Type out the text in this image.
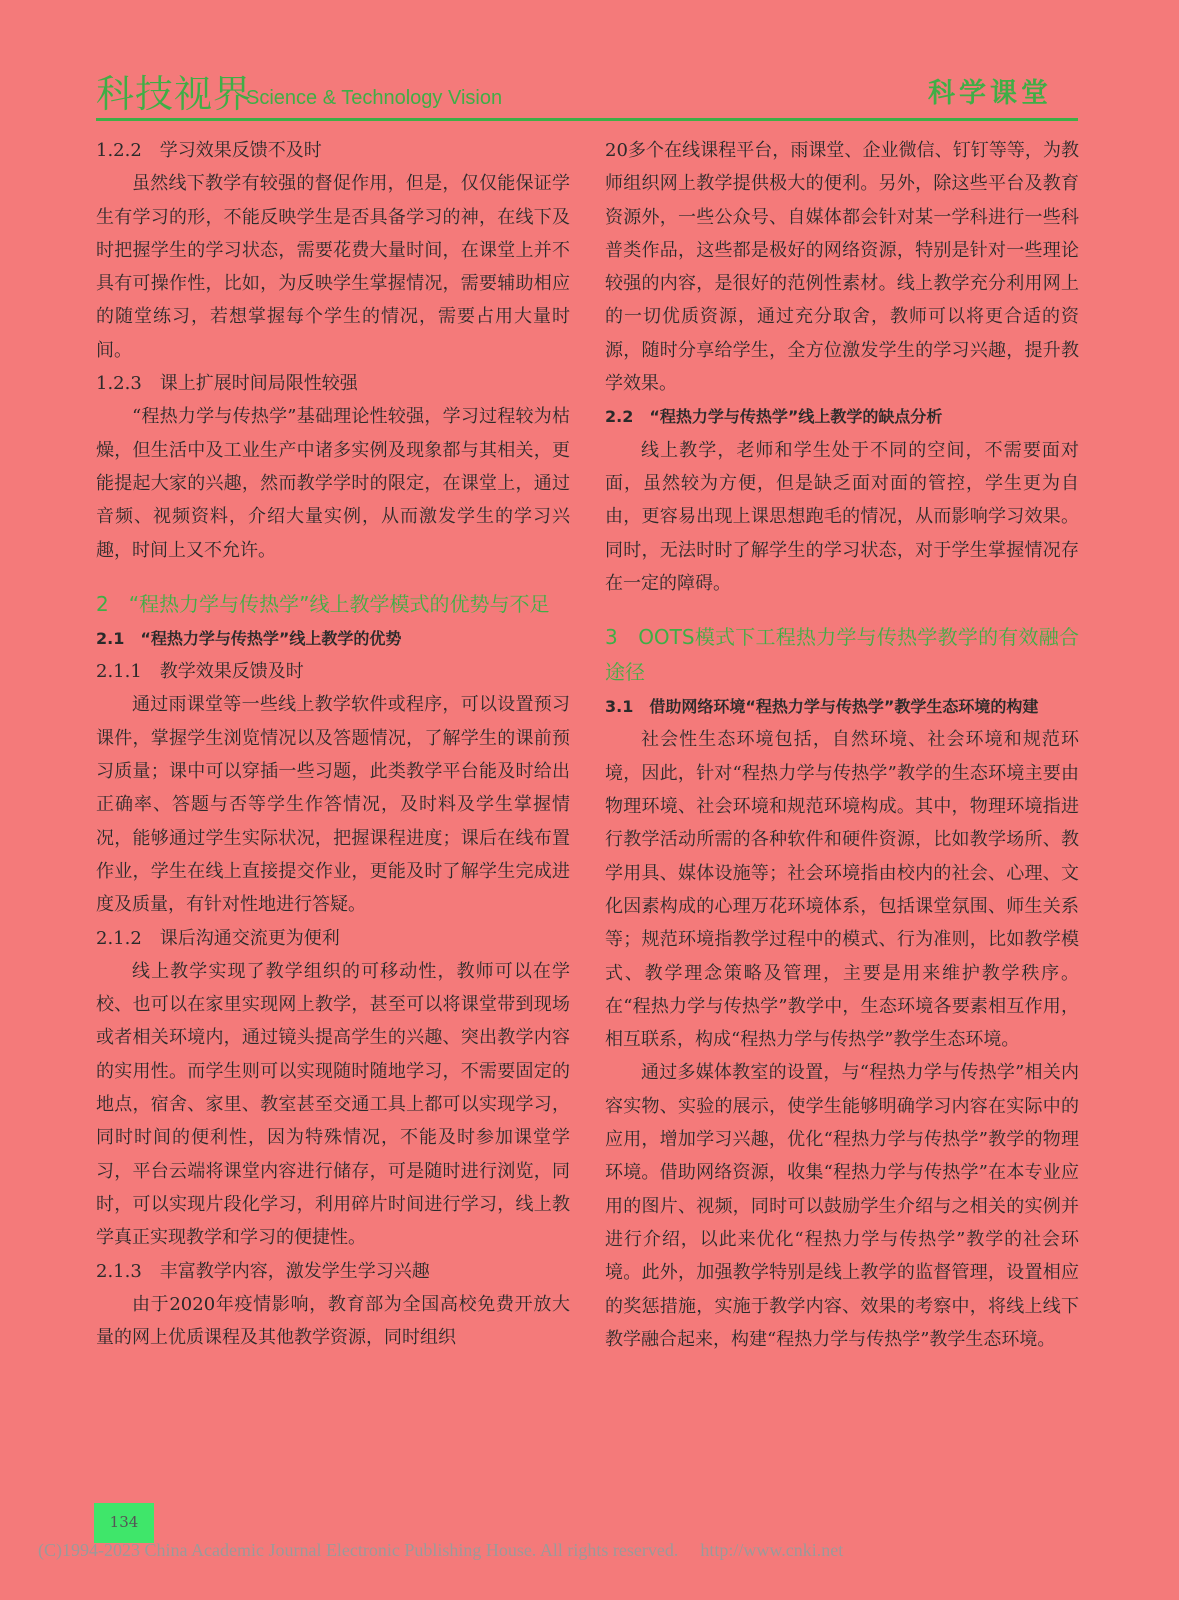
科技视界
Science & Technology Vision	科学课堂
1.2.2　学习效果反馈不及时
虽然线下教学有较强的督促作用，但是，仅仅能保证学生有学习的形，不能反映学生是否具备学习的神，在线下及时把握学生的学习状态，需要花费大量时间，在课堂上并不具有可操作性，比如，为反映学生掌握情况，需要辅助相应的随堂练习，若想掌握每个学生的情况，需要占用大量时间。
1.2.3　课上扩展时间局限性较强
“程热力学与传热学”基础理论性较强，学习过程较为枯燥，但生活中及工业生产中诸多实例及现象都与其相关，更能提起大家的兴趣，然而教学学时的限定，在课堂上，通过音频、视频资料，介绍大量实例，从而激发学生的学习兴趣，时间上又不允许。
2　“程热力学与传热学”线上教学模式的优势与不足
2.1　“程热力学与传热学”线上教学的优势
2.1.1　教学效果反馈及时
通过雨课堂等一些线上教学软件或程序，可以设置预习课件，掌握学生浏览情况以及答题情况，了解学生的课前预习质量；课中可以穿插一些习题，此类教学平台能及时给出正确率、答题与否等学生作答情况，及时料及学生掌握情况，能够通过学生实际状况，把握课程进度；课后在线布置作业，学生在线上直接提交作业，更能及时了解学生完成进度及质量，有针对性地进行答疑。
2.1.2　课后沟通交流更为便利
线上教学实现了教学组织的可移动性，教师可以在学校、也可以在家里实现网上教学，甚至可以将课堂带到现场或者相关环境内，通过镜头提高学生的兴趣、突出教学内容的实用性。而学生则可以实现随时随地学习，不需要固定的地点，宿舍、家里、教室甚至交通工具上都可以实现学习，同时时间的便利性，因为特殊情况，不能及时参加课堂学习，平台云端将课堂内容进行储存，可是随时进行浏览，同时，可以实现片段化学习，利用碎片时间进行学习，线上教学真正实现教学和学习的便捷性。
2.1.3　丰富教学内容，激发学生学习兴趣
由于2020年疫情影响，教育部为全国高校免费开放大量的网上优质课程及其他教学资源，同时组织
20多个在线课程平台，雨课堂、企业微信、钉钉等等，为教师组织网上教学提供极大的便利。另外，除这些平台及教育资源外，一些公众号、自媒体都会针对某一学科进行一些科普类作品，这些都是极好的网络资源，特别是针对一些理论较强的内容，是很好的范例性素材。线上教学充分利用网上的一切优质资源，通过充分取舍，教师可以将更合适的资源，随时分享给学生，全方位激发学生的学习兴趣，提升教学效果。
2.2　“程热力学与传热学”线上教学的缺点分析
线上教学，老师和学生处于不同的空间，不需要面对面，虽然较为方便，但是缺乏面对面的管控，学生更为自由，更容易出现上课思想跑毛的情况，从而影响学习效果。同时，无法时时了解学生的学习状态，对于学生掌握情况存在一定的障碍。
3　OOTS模式下工程热力学与传热学教学的有效融合途径
3.1　借助网络环境“程热力学与传热学”教学生态环境的构建
社会性生态环境包括，自然环境、社会环境和规范环境，因此，针对“程热力学与传热学”教学的生态环境主要由物理环境、社会环境和规范环境构成。其中，物理环境指进行教学活动所需的各种软件和硬件资源，比如教学场所、教学用具、媒体设施等；社会环境指由校内的社会、心理、文化因素构成的心理万花环境体系，包括课堂氛围、师生关系等；规范环境指教学过程中的模式、行为准则，比如教学模式、教学理念策略及管理，主要是用来维护教学秩序。在“程热力学与传热学”教学中，生态环境各要素相互作用，相互联系，构成“程热力学与传热学”教学生态环境。
通过多媒体教室的设置，与“程热力学与传热学”相关内容实物、实验的展示，使学生能够明确学习内容在实际中的应用，增加学习兴趣，优化“程热力学与传热学”教学的物理环境。借助网络资源，收集“程热力学与传热学”在本专业应用的图片、视频，同时可以鼓励学生介绍与之相关的实例并进行介绍，以此来优化“程热力学与传热学”教学的社会环境。此外，加强教学特别是线上教学的监督管理，设置相应的奖惩措施，实施于教学内容、效果的考察中，将线上线下教学融合起来，构建“程热力学与传热学”教学生态环境。
134
(C)1994-2023 China Academic Journal Electronic Publishing House. All rights reserved. http://www.cnki.net
